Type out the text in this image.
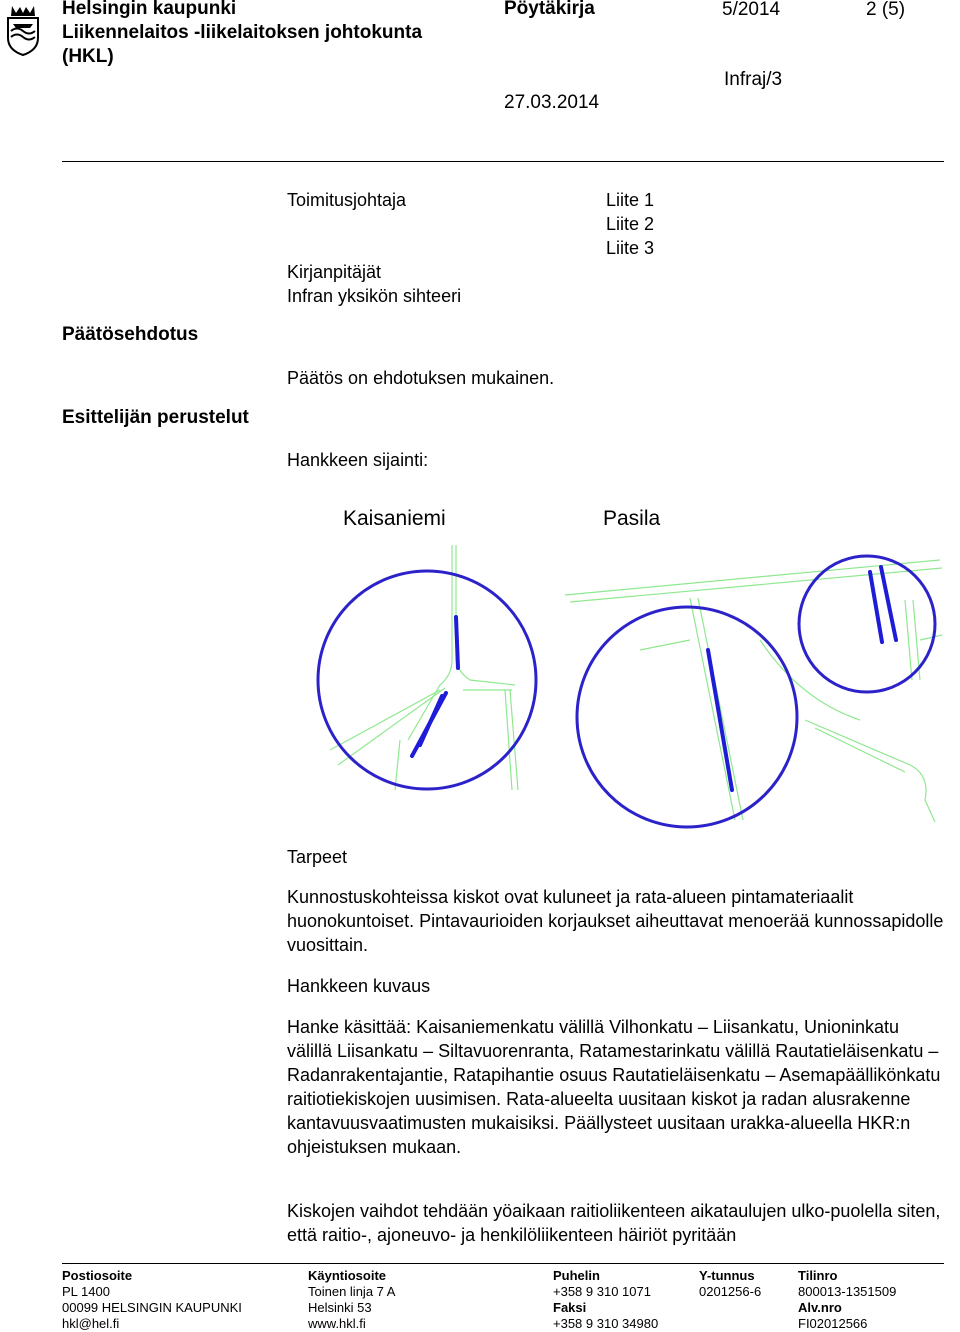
Helsingin kaupunki
Liikennelaitos -liikelaitoksen johtokunta
(HKL)
Pöytäkirja	5/2014	2 (5)
Infraj/3
27.03.2014
Toimitusjohtaja
Kirjanpitäjät
Infran yksikön sihteeri
Liite 1
Liite 2
Liite 3
Päätösehdotus
Päätös on ehdotuksen mukainen.
Esittelijän perustelut
Hankkeen sijainti:
Kaisaniemi	Pasila
Tarpeet
Kunnostuskohteissa kiskot ovat kuluneet ja rata-alueen pintamateriaalit huonokuntoiset. Pintavaurioiden korjaukset aiheuttavat menoerää kunnossapidolle vuosittain.
Hankkeen kuvaus
Hanke käsittää: Kaisaniemenkatu välillä Vilhonkatu – Liisankatu, Unioninkatu välillä Liisankatu – Siltavuorenranta, Ratamestarinkatu välillä Rautatieläisenkatu – Radanrakentajantie, Ratapihantie osuus Rautatieläisenkatu – Asemapäällikönkatu raitiotiekiskojen uusimisen. Rata-alueelta uusitaan kiskot ja radan alusrakenne kantavuusvaatimusten mukaisiksi. Päällysteet uusitaan urakka-alueella HKR:n ohjeistuksen mukaan.
Kiskojen vaihdot tehdään yöaikaan raitioliikenteen aikataulujen ulko-puolella siten, että raitio-, ajoneuvo- ja henkilöliikenteen häiriöt pyritään
Postiosoite
PL 1400
00099 HELSINGIN KAUPUNKI
hkl@hel.fi
Käyntiosoite
Toinen linja 7 A
Helsinki 53
www.hkl.fi
Puhelin
+358 9 310 1071
Faksi
+358 9 310 34980
Y-tunnus
0201256-6
Tilinro
800013-1351509
Alv.nro
FI02012566
